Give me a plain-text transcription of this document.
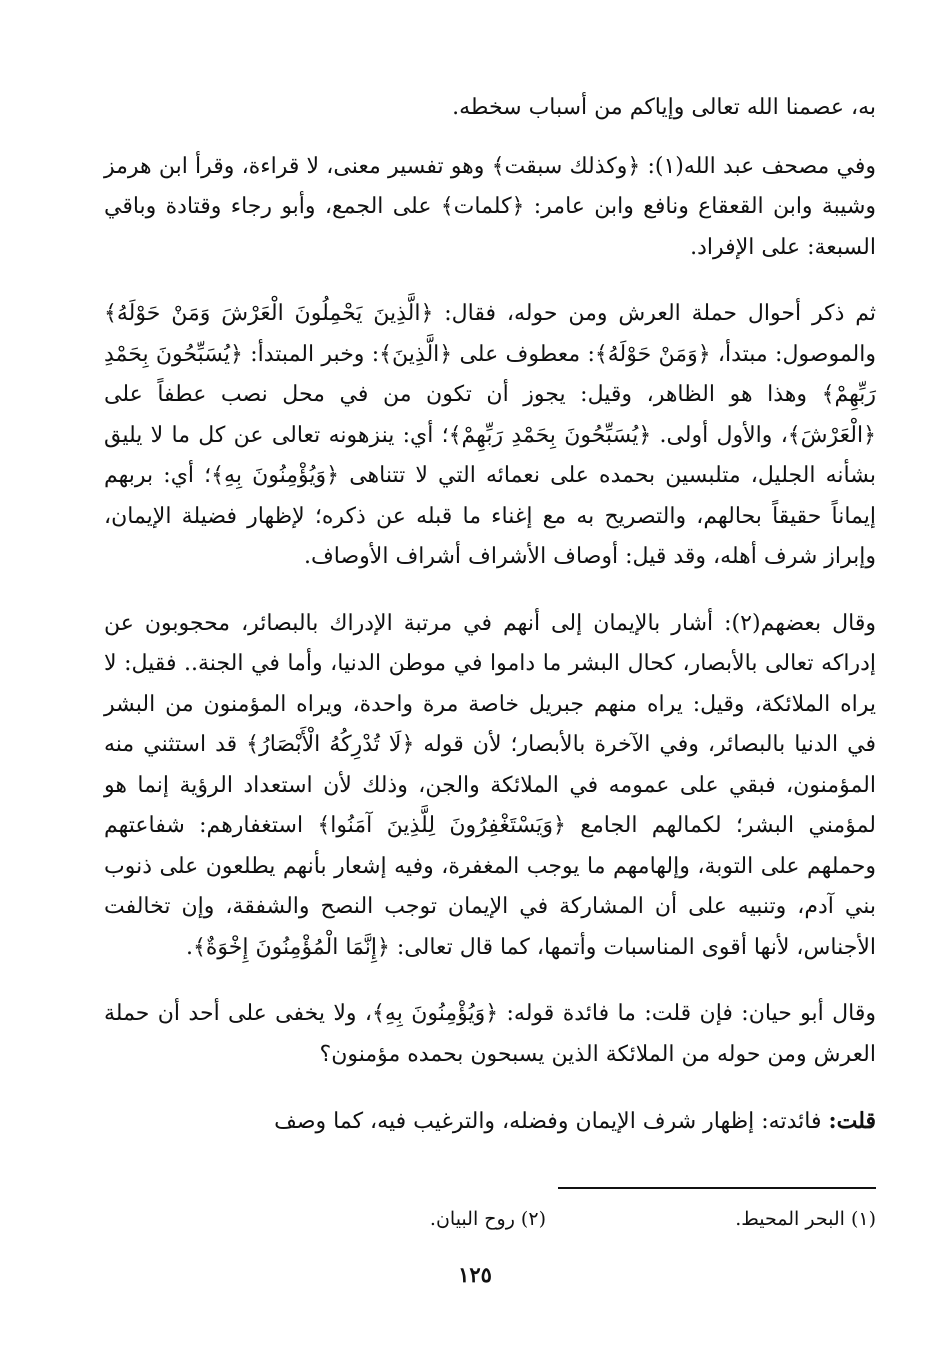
به، عصمنا الله تعالى وإياكم من أسباب سخطه.

وفي مصحف عبد الله(١): ﴿وكذلك سبقت﴾ وهو تفسير معنى، لا قراءة، وقرأ ابن هرمز وشيبة وابن القعقاع ونافع وابن عامر: ﴿كلمات﴾ على الجمع، وأبو رجاء وقتادة وباقي السبعة: على الإفراد.

ثم ذكر أحوال حملة العرش ومن حوله، فقال: ﴿الَّذِينَ يَحْمِلُونَ الْعَرْشَ وَمَنْ حَوْلَهُ﴾ والموصول: مبتدأ، ﴿وَمَنْ حَوْلَهُ﴾: معطوف على ﴿الَّذِينَ﴾: وخبر المبتدأ: ﴿يُسَبِّحُونَ بِحَمْدِ رَبِّهِمْ﴾ وهذا هو الظاهر، وقيل: يجوز أن تكون من في محل نصب عطفاً على ﴿الْعَرْشَ﴾، والأول أولى. ﴿يُسَبِّحُونَ بِحَمْدِ رَبِّهِمْ﴾؛ أي: ينزهونه تعالى عن كل ما لا يليق بشأنه الجليل، متلبسين بحمده على نعمائه التي لا تتناهى ﴿وَيُؤْمِنُونَ بِهِ﴾؛ أي: بربهم إيماناً حقيقاً بحالهم، والتصريح به مع إغناء ما قبله عن ذكره؛ لإظهار فضيلة الإيمان، وإبراز شرف أهله، وقد قيل: أوصاف الأشراف أشراف الأوصاف.

وقال بعضهم(٢): أشار بالإيمان إلى أنهم في مرتبة الإدراك بالبصائر، محجوبون عن إدراكه تعالى بالأبصار، كحال البشر ما داموا في موطن الدنيا، وأما في الجنة.. فقيل: لا يراه الملائكة، وقيل: يراه منهم جبريل خاصة مرة واحدة، ويراه المؤمنون من البشر في الدنيا بالبصائر، وفي الآخرة بالأبصار؛ لأن قوله ﴿لَا تُدْرِكُهُ الْأَبْصَارُ﴾ قد استثني منه المؤمنون، فبقي على عمومه في الملائكة والجن، وذلك لأن استعداد الرؤية إنما هو لمؤمني البشر؛ لكمالهم الجامع ﴿وَيَسْتَغْفِرُونَ لِلَّذِينَ آمَنُوا﴾ استغفارهم: شفاعتهم وحملهم على التوبة، وإلهامهم ما يوجب المغفرة، وفيه إشعار بأنهم يطلعون على ذنوب بني آدم، وتنبيه على أن المشاركة في الإيمان توجب النصح والشفقة، وإن تخالفت الأجناس، لأنها أقوى المناسبات وأتمها، كما قال تعالى: ﴿إِنَّمَا الْمُؤْمِنُونَ إِخْوَةٌ﴾.

وقال أبو حيان: فإن قلت: ما فائدة قوله: ﴿وَيُؤْمِنُونَ بِهِ﴾، ولا يخفى على أحد أن حملة العرش ومن حوله من الملائكة الذين يسبحون بحمده مؤمنون؟

قلت: فائدته: إظهار شرف الإيمان وفضله، والترغيب فيه، كما وصف

(١) البحر المحيط.(٢) روح البيان.
١٢٥
